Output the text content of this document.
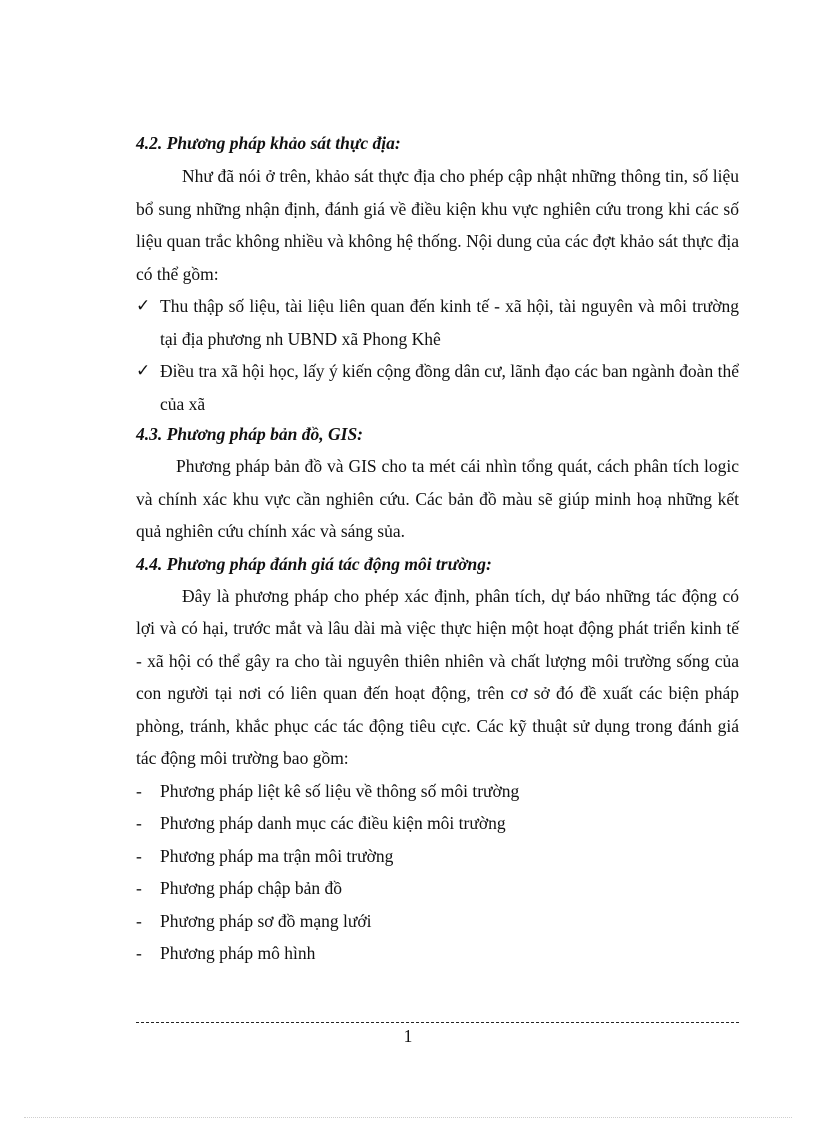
4.2. Phương pháp khảo sát thực địa:

Như đã nói ở trên, khảo sát thực địa cho phép cập nhật những thông tin, số liệu bổ sung những nhận định, đánh giá về điều kiện khu vực nghiên cứu trong khi các số liệu quan trắc không nhiều và không hệ thống. Nội dung của các đợt khảo sát thực địa có thể gồm:

✓ Thu thập số liệu, tài liệu liên quan đến kinh tế - xã hội, tài nguyên và môi trường tại địa phương nh UBND xã Phong Khê
✓ Điều tra xã hội học, lấy ý kiến cộng đồng dân cư, lãnh đạo các ban ngành đoàn thể của xã

4.3. Phương pháp bản đồ, GIS:

Phương pháp bản đồ và GIS cho ta mét cái nhìn tổng quát, cách phân tích logic và chính xác khu vực cần nghiên cứu. Các bản đồ màu sẽ giúp minh hoạ những kết quả nghiên cứu chính xác và sáng sủa.

4.4. Phương pháp đánh giá tác động môi trường:

Đây là phương pháp cho phép xác định, phân tích, dự báo những tác động có lợi và có hại, trước mắt và lâu dài mà việc thực hiện một hoạt động phát triển kinh tế - xã hội có thể gây ra cho tài nguyên thiên nhiên và chất lượng môi trường sống của con người tại nơi có liên quan đến hoạt động, trên cơ sở đó đề xuất các biện pháp phòng, tránh, khắc phục các tác động tiêu cực. Các kỹ thuật sử dụng trong đánh giá tác động môi trường bao gồm:

- Phương pháp liệt kê số liệu về thông số môi trường
- Phương pháp danh mục các điều kiện môi trường
- Phương pháp ma trận môi trường
- Phương pháp chập bản đồ
- Phương pháp sơ đồ mạng lưới
- Phương pháp mô hình
1
